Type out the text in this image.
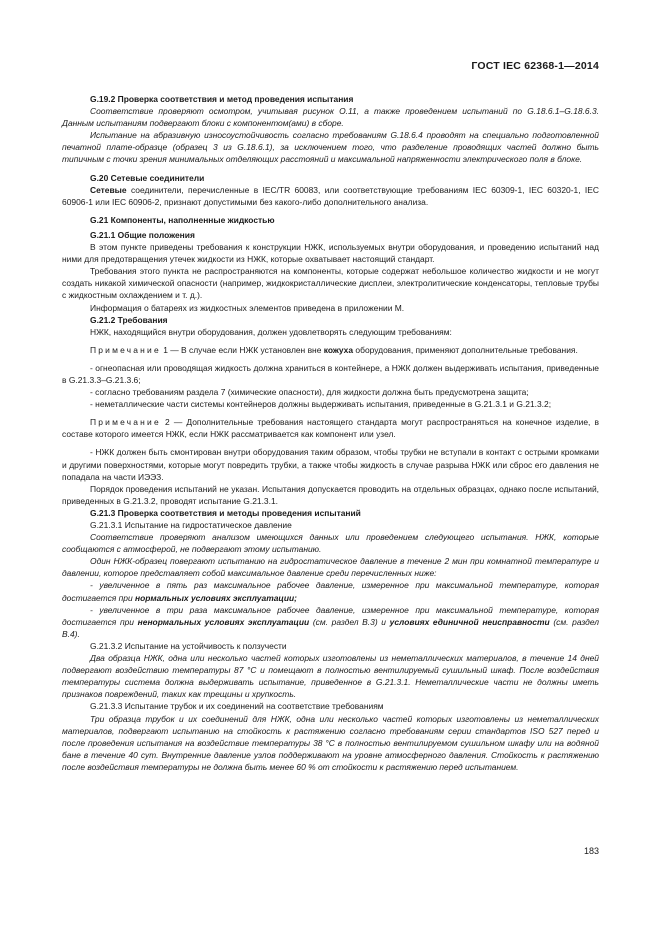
ГОСТ IEC 62368-1—2014

G.19.2 Проверка соответствия и метод проведения испытания

Соответствие проверяют осмотром, учитывая рисунок О.11, а также проведением испытаний по G.18.6.1–G.18.6.3. Данным испытаниям подвергают блоки с компонентом(ами) в сборе.

Испытание на абразивную износоустойчивость согласно требованиям G.18.6.4 проводят на специально подготовленной печатной плате-образце (образец 3 из G.18.6.1), за исключением того, что разделение проводящих частей должно быть типичным с точки зрения минимальных отделяющих расстояний и максимальной напряженности электрического поля в блоке.

G.20 Сетевые соединители

Сетевые соединители, перечисленные в IEC/TR 60083, или соответствующие требованиям IEC 60309-1, IEC 60320-1, IEC 60906-1 или IEC 60906-2, признают допустимыми без какого-либо дополнительного анализа.

G.21 Компоненты, наполненные жидкостью

G.21.1 Общие положения

В этом пункте приведены требования к конструкции НЖК, используемых внутри оборудования, и проведению испытаний над ними для предотвращения утечек жидкости из НЖК, которые охватывает настоящий стандарт.

Требования этого пункта не распространяются на компоненты, которые содержат небольшое количество жидкости и не могут создать никакой химической опасности (например, жидкокристаллические дисплеи, электролитические конденсаторы, тепловые трубы с жидкостным охлаждением и т. д.).

Информация о батареях из жидкостных элементов приведена в приложении М.

G.21.2 Требования

НЖК, находящийся внутри оборудования, должен удовлетворять следующим требованиям:

Примечание 1 — В случае если НЖК установлен вне кожуха оборудования, применяют дополнительные требования.

- огнеопасная или проводящая жидкость должна храниться в контейнере, а НЖК должен выдерживать испытания, приведенные в G.21.3.3–G.21.3.6;

- согласно требованиям раздела 7 (химические опасности), для жидкости должна быть предусмотрена защита;

- неметаллические части системы контейнеров должны выдерживать испытания, приведенные в G.21.3.1 и G.21.3.2;

Примечание 2 — Дополнительные требования настоящего стандарта могут распространяться на конечное изделие, в составе которого имеется НЖК, если НЖК рассматривается как компонент или узел.

- НЖК должен быть смонтирован внутри оборудования таким образом, чтобы трубки не вступали в контакт с острыми кромками и другими поверхностями, которые могут повредить трубки, а также чтобы жидкость в случае разрыва НЖК или сброс его давления не попадала на части ИЭЭЗ.

Порядок проведения испытаний не указан. Испытания допускается проводить на отдельных образцах, однако после испытаний, приведенных в G.21.3.2, проводят испытание G.21.3.1.

G.21.3 Проверка соответствия и методы проведения испытаний

G.21.3.1 Испытание на гидростатическое давление

Соответствие проверяют анализом имеющихся данных или проведением следующего испытания. НЖК, которые сообщаются с атмосферой, не подвергают этому испытанию.

Один НЖК-образец повергают испытанию на гидростатическое давление в течение 2 мин при комнатной температуре и давлении, которое представляет собой максимальное давление среди перечисленных ниже:

- увеличенное в пять раз максимальное рабочее давление, измеренное при максимальной температуре, которая достигается при нормальных условиях эксплуатации;

- увеличенное в три раза максимальное рабочее давление, измеренное при максимальной температуре, которая достигается при ненормальных условиях эксплуатации (см. раздел В.3) и условиях единичной неисправности (см. раздел В.4).

G.21.3.2 Испытание на устойчивость к ползучести

Два образца НЖК, одна или несколько частей которых изготовлены из неметаллических материалов, в течение 14 дней подвергают воздействию температуры 87 °С и помещают в полностью вентилируемый сушильный шкаф. После воздействия температуры система должна выдерживать испытание, приведенное в G.21.3.1. Неметаллические части не должны иметь признаков повреждений, таких как трещины и хрупкость.

G.21.3.3 Испытание трубок и их соединений на соответствие требованиям

Три образца трубок и их соединений для НЖК, одна или несколько частей которых изготовлены из неметаллических материалов, подвергают испытанию на стойкость к растяжению согласно требованиям серии стандартов ISO 527 перед и после проведения испытания на воздействие температуры 38 °С в полностью вентилируемом сушильном шкафу или на водяной бане в течение 40 сут. Внутренние давление узлов поддерживают на уровне атмосферного давления. Стойкость к растяжению после воздействия температуры не должна быть менее 60 % от стойкости к растяжению перед испытанием.

183
